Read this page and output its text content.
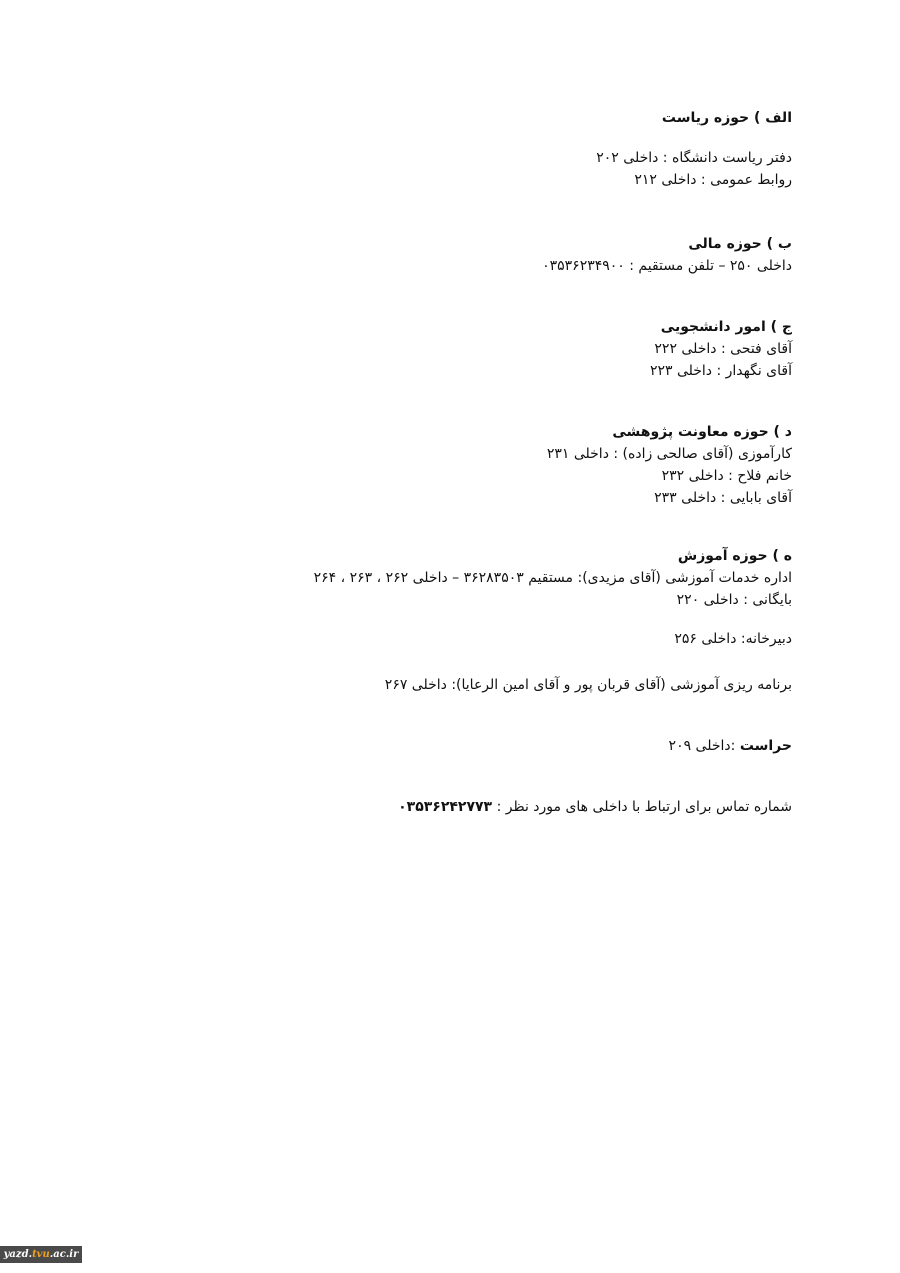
الف ) حوزه ریاست

دفتر ریاست دانشگاه : داخلی ۲۰۲

روابط عمومی : داخلی ۲۱۲

ب ) حوزه مالی

داخلی ۲۵۰ – تلفن مستقیم : ۰۳۵۳۶۲۳۴۹۰۰

ج ) امور دانشجویی

آقای فتحی : داخلی ۲۲۲

آقای نگهدار : داخلی ۲۲۳

د ) حوزه معاونت پژوهشی

کارآموزی (آقای صالحی زاده) : داخلی ۲۳۱

خانم فلاح : داخلی ۲۳۲

آقای بابایی : داخلی ۲۳۳

ه ) حوزه آموزش

اداره خدمات آموزشی (آقای مزیدی): مستقیم ۳۶۲۸۳۵۰۳ – داخلی ۲۶۲ ، ۲۶۳ ، ۲۶۴

بایگانی : داخلی ۲۲۰

دبیرخانه: داخلی ۲۵۶

برنامه ریزی آموزشی (آقای قربان پور و آقای امین الرعایا): داخلی ۲۶۷

حراست :داخلی ۲۰۹

شماره تماس برای ارتباط با داخلی های مورد نظر : ۰۳۵۳۶۲۴۲۷۷۳

yazd.tvu.ac.ir
